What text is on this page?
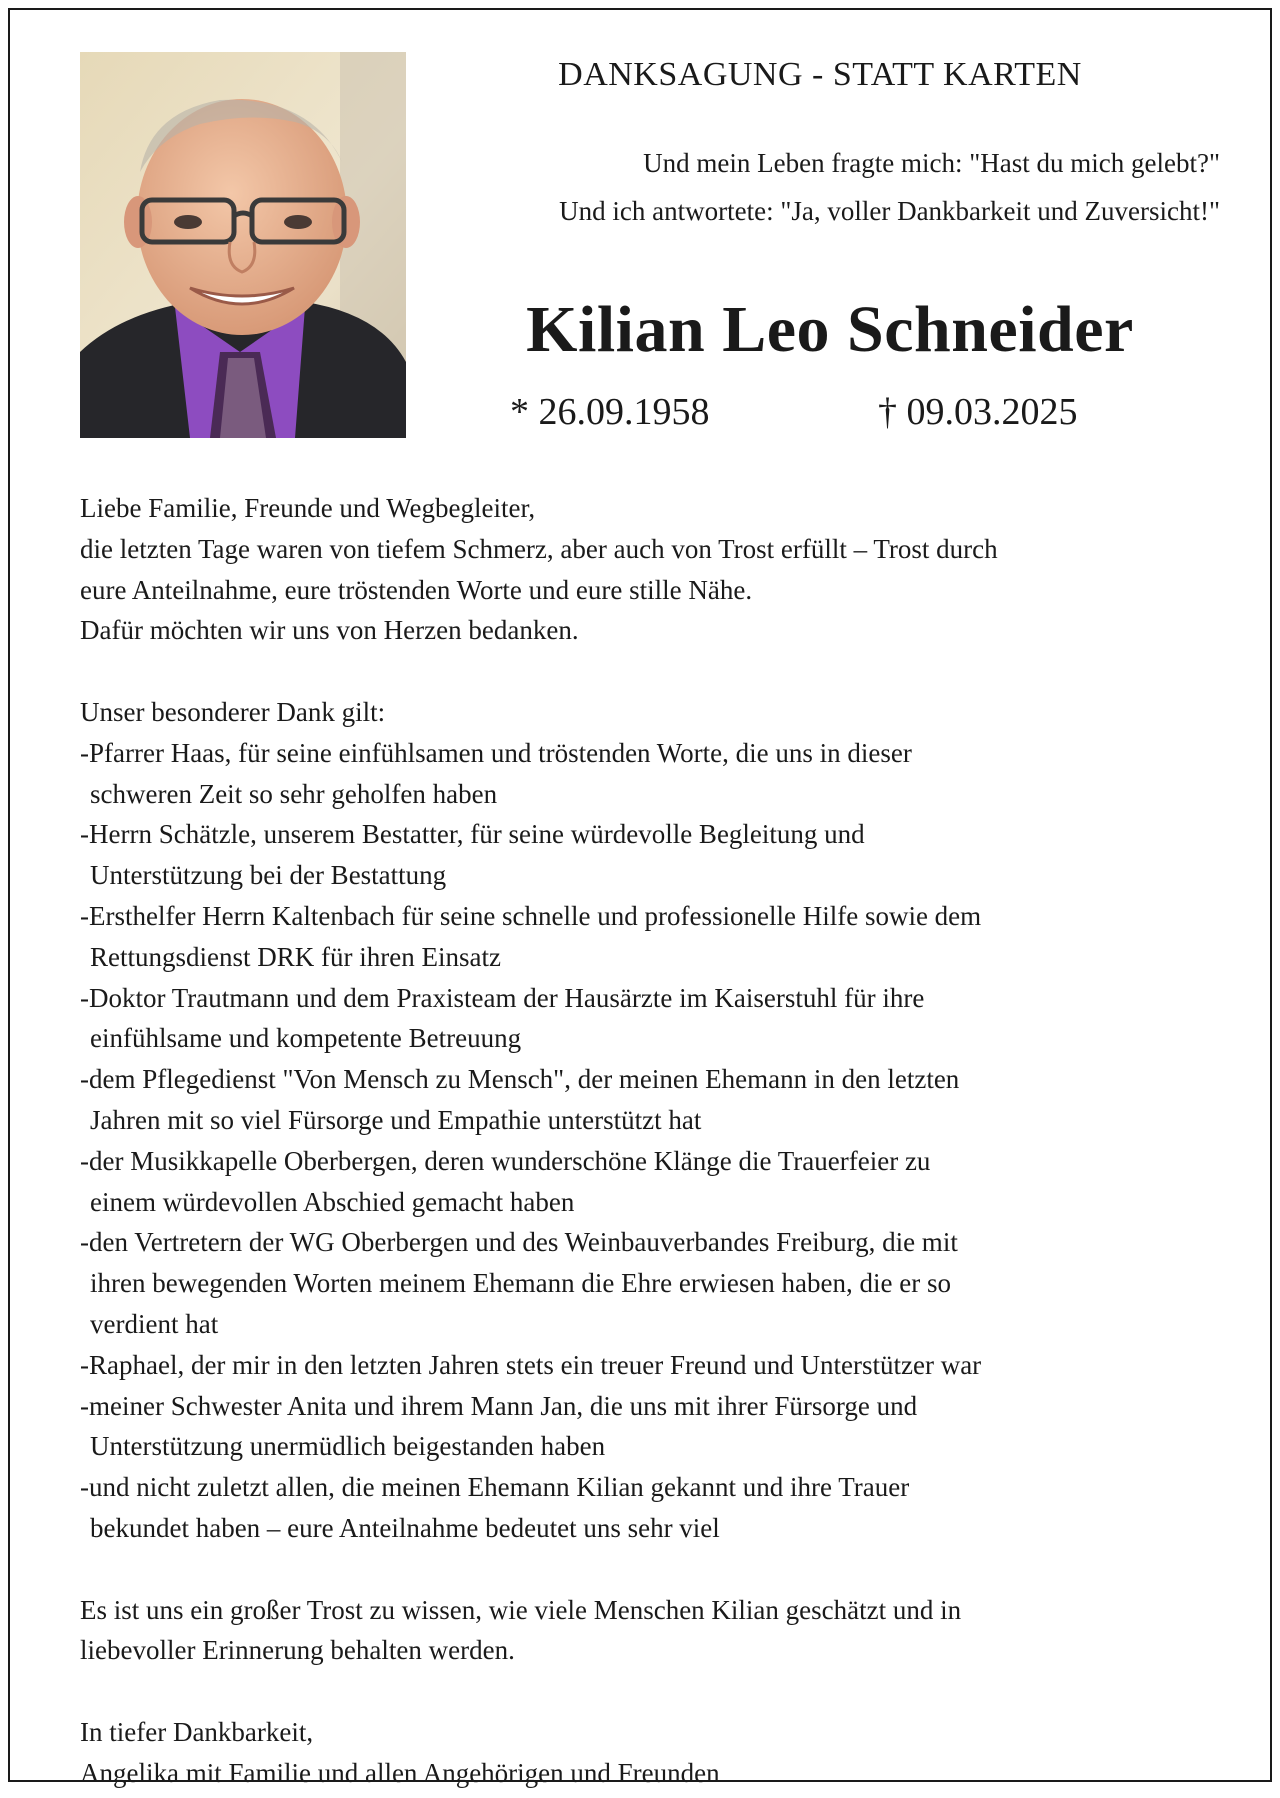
DANKSAGUNG - STATT KARTEN
Und mein Leben fragte mich: "Hast du mich gelebt?"
Und ich antwortete: "Ja, voller Dankbarkeit und Zuversicht!"
Kilian Leo Schneider
* 26.09.1958	† 09.03.2025
Liebe Familie, Freunde und Wegbegleiter,
die letzten Tage waren von tiefem Schmerz, aber auch von Trost erfüllt – Trost durch
eure Anteilnahme, eure tröstenden Worte und eure stille Nähe.
Dafür möchten wir uns von Herzen bedanken.
Unser besonderer Dank gilt:
-Pfarrer Haas, für seine einfühlsamen und tröstenden Worte, die uns in dieser
schweren Zeit so sehr geholfen haben
-Herrn Schätzle, unserem Bestatter, für seine würdevolle Begleitung und
Unterstützung bei der Bestattung
-Ersthelfer Herrn Kaltenbach für seine schnelle und professionelle Hilfe sowie dem
Rettungsdienst DRK für ihren Einsatz
-Doktor Trautmann und dem Praxisteam der Hausärzte im Kaiserstuhl für ihre
einfühlsame und kompetente Betreuung
-dem Pflegedienst "Von Mensch zu Mensch", der meinen Ehemann in den letzten
Jahren mit so viel Fürsorge und Empathie unterstützt hat
-der Musikkapelle Oberbergen, deren wunderschöne Klänge die Trauerfeier zu
einem würdevollen Abschied gemacht haben
-den Vertretern der WG Oberbergen und des Weinbauverbandes Freiburg, die mit
ihren bewegenden Worten meinem Ehemann die Ehre erwiesen haben, die er so
verdient hat
-Raphael, der mir in den letzten Jahren stets ein treuer Freund und Unterstützer war
-meiner Schwester Anita und ihrem Mann Jan, die uns mit ihrer Fürsorge und
Unterstützung unermüdlich beigestanden haben
-und nicht zuletzt allen, die meinen Ehemann Kilian gekannt und ihre Trauer
bekundet haben – eure Anteilnahme bedeutet uns sehr viel
Es ist uns ein großer Trost zu wissen, wie viele Menschen Kilian geschätzt und in
liebevoller Erinnerung behalten werden.
In tiefer Dankbarkeit,
Angelika mit Familie und allen Angehörigen und Freunden
